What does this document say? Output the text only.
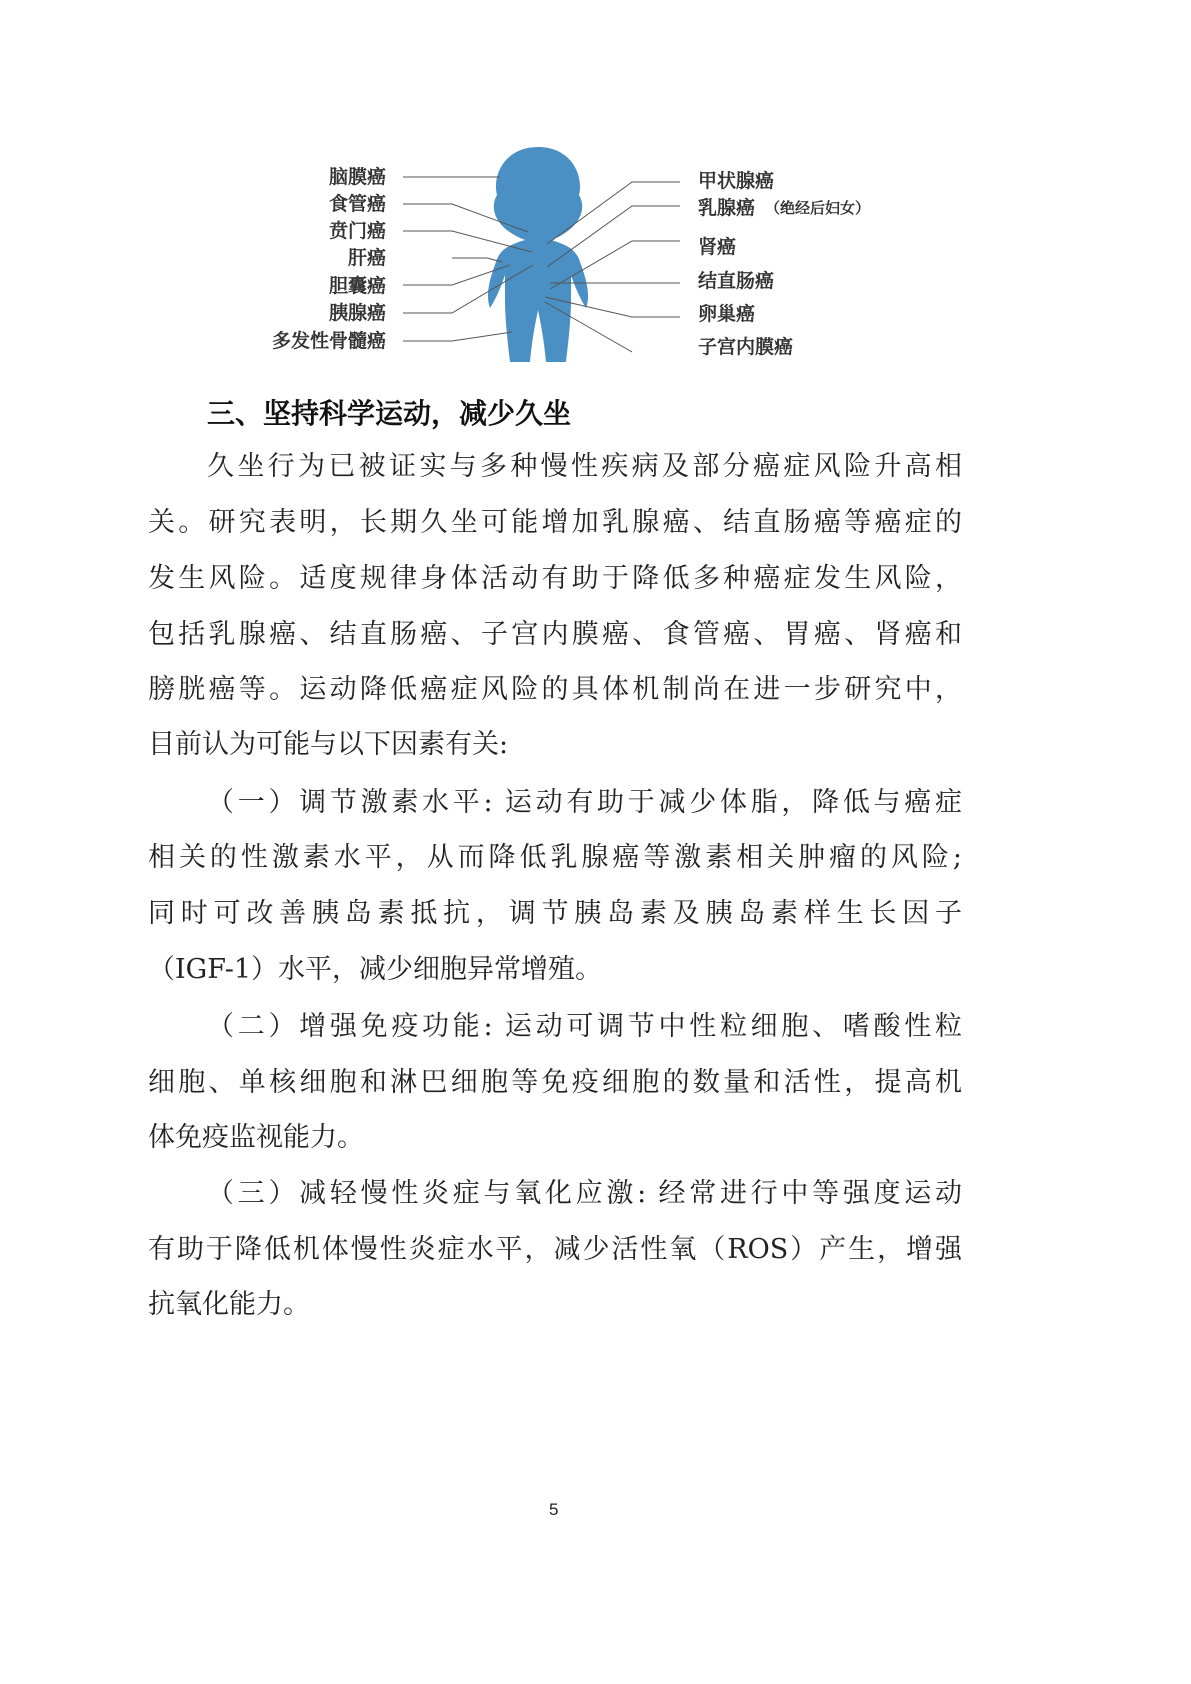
脑膜癌
食管癌
贲门癌
肝癌
胆囊癌
胰腺癌
多发性骨髓癌
甲状腺癌
乳腺癌 （绝经后妇女）
肾癌
结直肠癌
卵巢癌
子宫内膜癌
三、坚持科学运动，减少久坐
久坐行为已被证实与多种慢性疾病及部分癌症风险升高相
关。研究表明，长期久坐可能增加乳腺癌、结直肠癌等癌症的
发生风险。适度规律身体活动有助于降低多种癌症发生风险，
包括乳腺癌、结直肠癌、子宫内膜癌、食管癌、胃癌、肾癌和
膀胱癌等。运动降低癌症风险的具体机制尚在进一步研究中，
目前认为可能与以下因素有关:
（一）调节激素水平: 运动有助于减少体脂，降低与癌症
相关的性激素水平，从而降低乳腺癌等激素相关肿瘤的风险;
同时可改善胰岛素抵抗，调节胰岛素及胰岛素样生长因子
（IGF-1）水平，减少细胞异常增殖。
（二）增强免疫功能: 运动可调节中性粒细胞、嗜酸性粒
细胞、单核细胞和淋巴细胞等免疫细胞的数量和活性，提高机
体免疫监视能力。
（三）减轻慢性炎症与氧化应激: 经常进行中等强度运动
有助于降低机体慢性炎症水平，减少活性氧（ROS）产生，增强
抗氧化能力。
5
